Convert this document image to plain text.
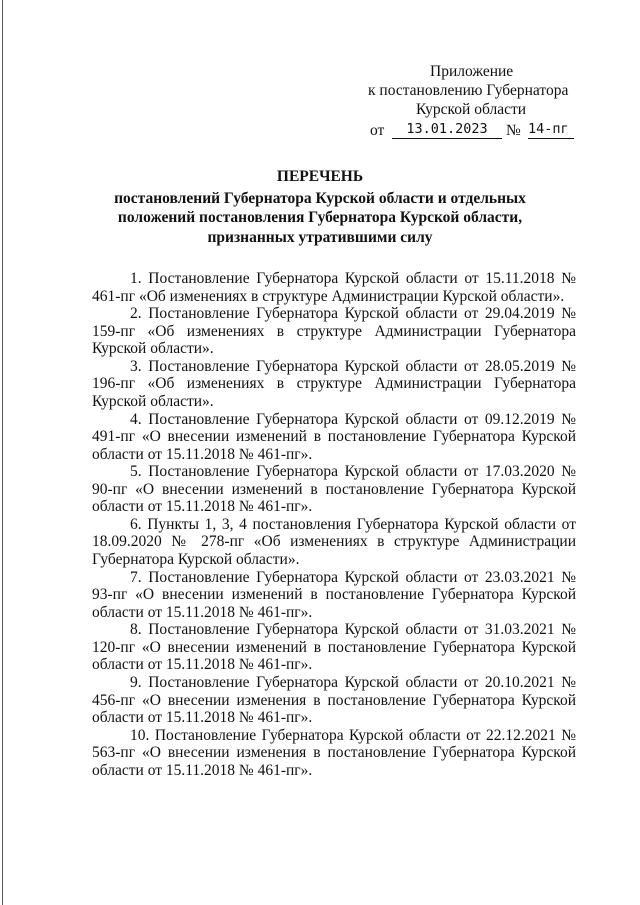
Приложение
к постановлению Губернатора
Курской области
от	13.01.2023	№ 14-пг
ПЕРЕЧЕНЬ
постановлений Губернатора Курской области и отдельных
положений постановления Губернатора Курской области,
признанных утратившими силу

1. Постановление Губернатора Курской области от 15.11.2018 № 461-пг «Об изменениях в структуре Администрации Курской области».

2. Постановление Губернатора Курской области от 29.04.2019 № 159-пг «Об изменениях в структуре Администрации Губернатора Курской области».

3. Постановление Губернатора Курской области от 28.05.2019 № 196-пг «Об изменениях в структуре Администрации Губернатора Курской области».

4. Постановление Губернатора Курской области от 09.12.2019 № 491-пг «О внесении изменений в постановление Губернатора Курской области от 15.11.2018 № 461-пг».

5. Постановление Губернатора Курской области от 17.03.2020 № 90-пг «О внесении изменений в постановление Губернатора Курской области от 15.11.2018 № 461-пг».

6. Пункты 1, 3, 4 постановления Губернатора Курской области от 18.09.2020 № 278-пг «Об изменениях в структуре Администрации Губернатора Курской области».

7. Постановление Губернатора Курской области от 23.03.2021 № 93-пг «О внесении изменений в постановление Губернатора Курской области от 15.11.2018 № 461-пг».

8. Постановление Губернатора Курской области от 31.03.2021 № 120-пг «О внесении изменений в постановление Губернатора Курской области от 15.11.2018 № 461-пг».

9. Постановление Губернатора Курской области от 20.10.2021 № 456-пг «О внесении изменения в постановление Губернатора Курской области от 15.11.2018 № 461-пг».

10. Постановление Губернатора Курской области от 22.12.2021 № 563-пг «О внесении изменения в постановление Губернатора Курской области от 15.11.2018 № 461-пг».
